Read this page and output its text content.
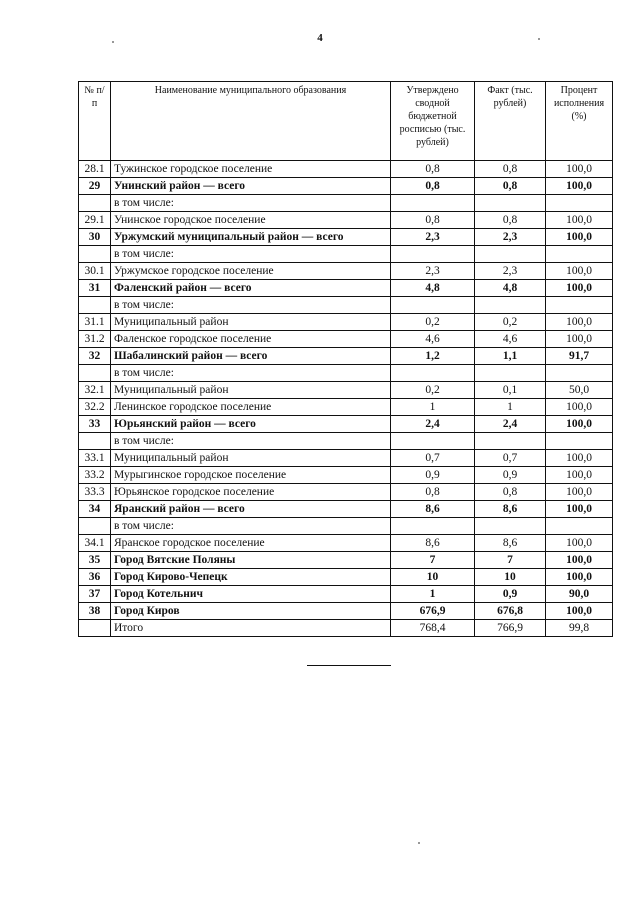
4
№ п/п	Наименование муниципального образования	Утверждено сводной бюджетной росписью (тыс. рублей)	Факт (тыс. рублей)	Процент исполнения (%)
28.1	Тужинское городское поселение	0,8	0,8	100,0
29	Унинский район — всего	0,8	0,8	100,0
	в том числе:			
29.1	Унинское городское поселение	0,8	0,8	100,0
30	Уржумский муниципальный район — всего	2,3	2,3	100,0
	в том числе:			
30.1	Уржумское городское поселение	2,3	2,3	100,0
31	Фаленский район — всего	4,8	4,8	100,0
	в том числе:			
31.1	Муниципальный район	0,2	0,2	100,0
31.2	Фаленское городское поселение	4,6	4,6	100,0
32	Шабалинский район — всего	1,2	1,1	91,7
	в том числе:			
32.1	Муниципальный район	0,2	0,1	50,0
32.2	Ленинское городское поселение	1	1	100,0
33	Юрьянский район — всего	2,4	2,4	100,0
	в том числе:			
33.1	Муниципальный район	0,7	0,7	100,0
33.2	Мурыгинское городское поселение	0,9	0,9	100,0
33.3	Юрьянское городское поселение	0,8	0,8	100,0
34	Яранский район — всего	8,6	8,6	100,0
	в том числе:			
34.1	Яранское городское поселение	8,6	8,6	100,0
35	Город Вятские Поляны	7	7	100,0
36	Город Кирово-Чепецк	10	10	100,0
37	Город Котельнич	1	0,9	90,0
38	Город Киров	676,9	676,8	100,0
	Итого	768,4	766,9	99,8
